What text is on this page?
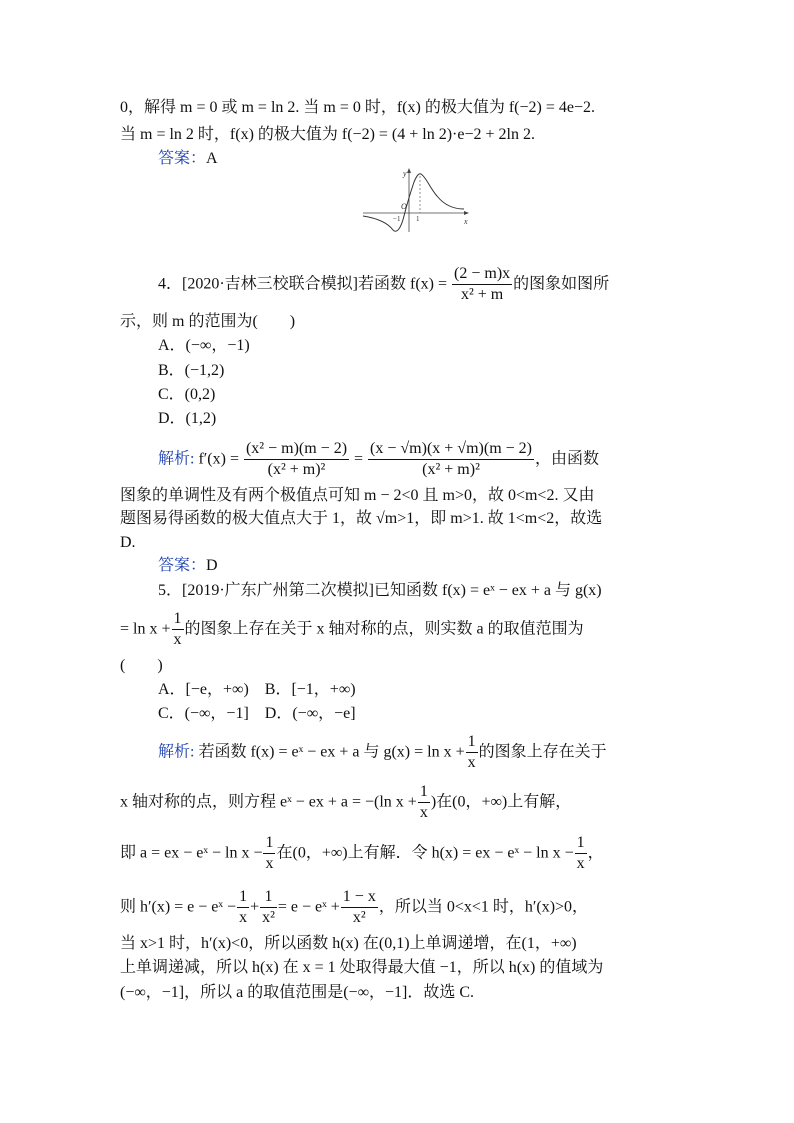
0，解得 m = 0 或 m = ln 2. 当 m = 0 时，f(x) 的极大值为 f(−2) = 4e−2.
当 m = ln 2 时，f(x) 的极大值为 f(−2) = (4 + ln 2)·e−2 + 2ln 2.
答案：A
y
x
O
−1 1
4．[2020·吉林三校联合模拟]若函数 $f(x) = \frac{(2 - m)x}{\text{x² + m}}$ 的图象如图所
示，则 m 的范围为(　　)
A．(−∞，−1)
B．(−1,2)
C．(0,2)
D．(1,2)
解析: $f'(x) = \frac{\text{(x² − m)(m − 2)}}{\text{(x² + m)²}} = \frac{(x - √m)(x + √m)(m - 2)}{\text{(x² + m)²}}$ ，由函数
图象的单调性及有两个极值点可知 m − 2<0 且 m>0，故 0<m<2. 又由
题图易得函数的极大值点大于 1，故 √m>1，即 m>1. 故 1<m<2，故选
D.
答案：D
5．[2019·广东广州第二次模拟]已知函数 f(x) = eˣ − ex + a 与 g(x)
= $\ln x + \frac{1}{x}$ 的图象上存在关于 x 轴对称的点，则实数 a 的取值范围为
(　　)
A．[−e，+∞)　B．[−1，+∞)
C．(−∞，−1]　D．(−∞，−e]
解析: 若函数 f(x) = eˣ − ex + a 与 $g(x) = \ln x + \frac{1}{x}$ 的图象上存在关于
x 轴对称的点，则方程 eˣ − ex + a = −(ln $x + \frac{1}{x}$ )在(0，+∞)上有解，
即 a = ex − eˣ − $\ln x - \frac{1}{x}$ 在(0，+∞)上有解．令 h(x) = ex − eˣ − $\ln x - \frac{1}{x}$ ，
则 h′(x) = e − eˣ − $\frac{1}{x} + \frac{1}{\text{x²}} = e$ − eˣ + $\frac{1 - x}{\text{x²}}$ ，所以当 0<x<1 时，h′(x)>0，
当 x>1 时，h′(x)<0，所以函数 h(x) 在(0,1)上单调递增，在(1，+∞)
上单调递减，所以 h(x) 在 x = 1 处取得最大值 −1，所以 h(x) 的值域为
(−∞，−1]，所以 a 的取值范围是(−∞，−1]．故选 C.
